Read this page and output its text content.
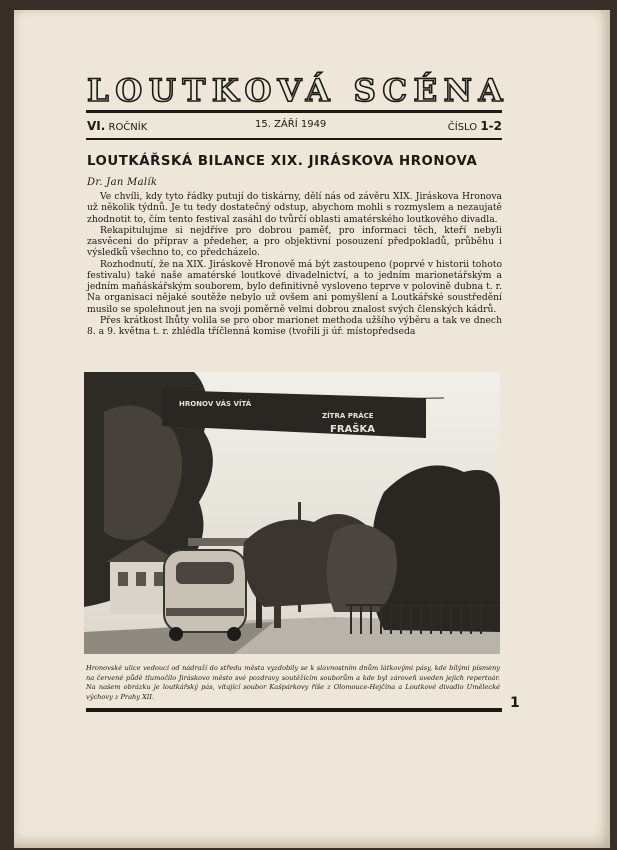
LOUTKOVÁ SCÉNA
VI. ROČNÍK	15. ZÁŘÍ 1949	ČÍSLO 1-2
LOUTKÁŘSKÁ BILANCE XIX. JIRÁSKOVA HRONOVA
Dr. Jan Malík

Ve chvíli, kdy tyto řádky putují do tiskárny, dělí nás od závěru XIX. Jiráskova Hronova už několik týdnů. Je tu tedy dostatečný odstup, abychom mohli s rozmyslem a nezaujatě zhodnotit to, čím tento festival zasáhl do tvůrčí oblasti amatérského loutkového divadla.

Rekapitulujme si nejdříve pro dobrou paměť, pro informaci těch, kteří nebyli zasvěceni do příprav a předeher, a pro objektivní posouzení předpokladů, průběhu i výsledků všechno to, co předcházelo.

Rozhodnutí, že na XIX. Jiráskově Hronově má být zastoupeno (poprvé v historii tohoto festivalu) také naše amatérské loutkové divadelnictví, a to jedním marionetářským a jedním maňáskářským souborem, bylo definitivně vysloveno teprve v polovině dubna t. r. Na organisaci nějaké soutěže nebylo už ovšem ani pomyšlení a Loutkářské soustředění musilo se spolehnout jen na svoji poměrně velmi dobrou znalost svých členských kádrů.

Přes krátkost lhůty volila se pro obor marionet methoda užšího výběru a tak ve dnech 8. a 9. května t. r. zhlédla tříčlenná komise (tvořili ji úř. místopředseda

HRONOV VÁS VÍTÁ
ZÍTRA PRÁCE
FRAŠKA

Hronovské ulice vedoucí od nádraží do středu města vyzdobily se k slavnostním dnům látkovými pásy, kde bílými písmeny na červené půdě tlumočilo Jiráskovo město své pozdravy soutěžícím souborům a kde byl zároveň uveden jejich repertoár. Na našem obrázku je loutkářský pás, vítající soubor Kašpárkovy říše z Olomouce-Hejčína a Loutkové divadlo Umělecké výchovy z Prahy XII.	1
